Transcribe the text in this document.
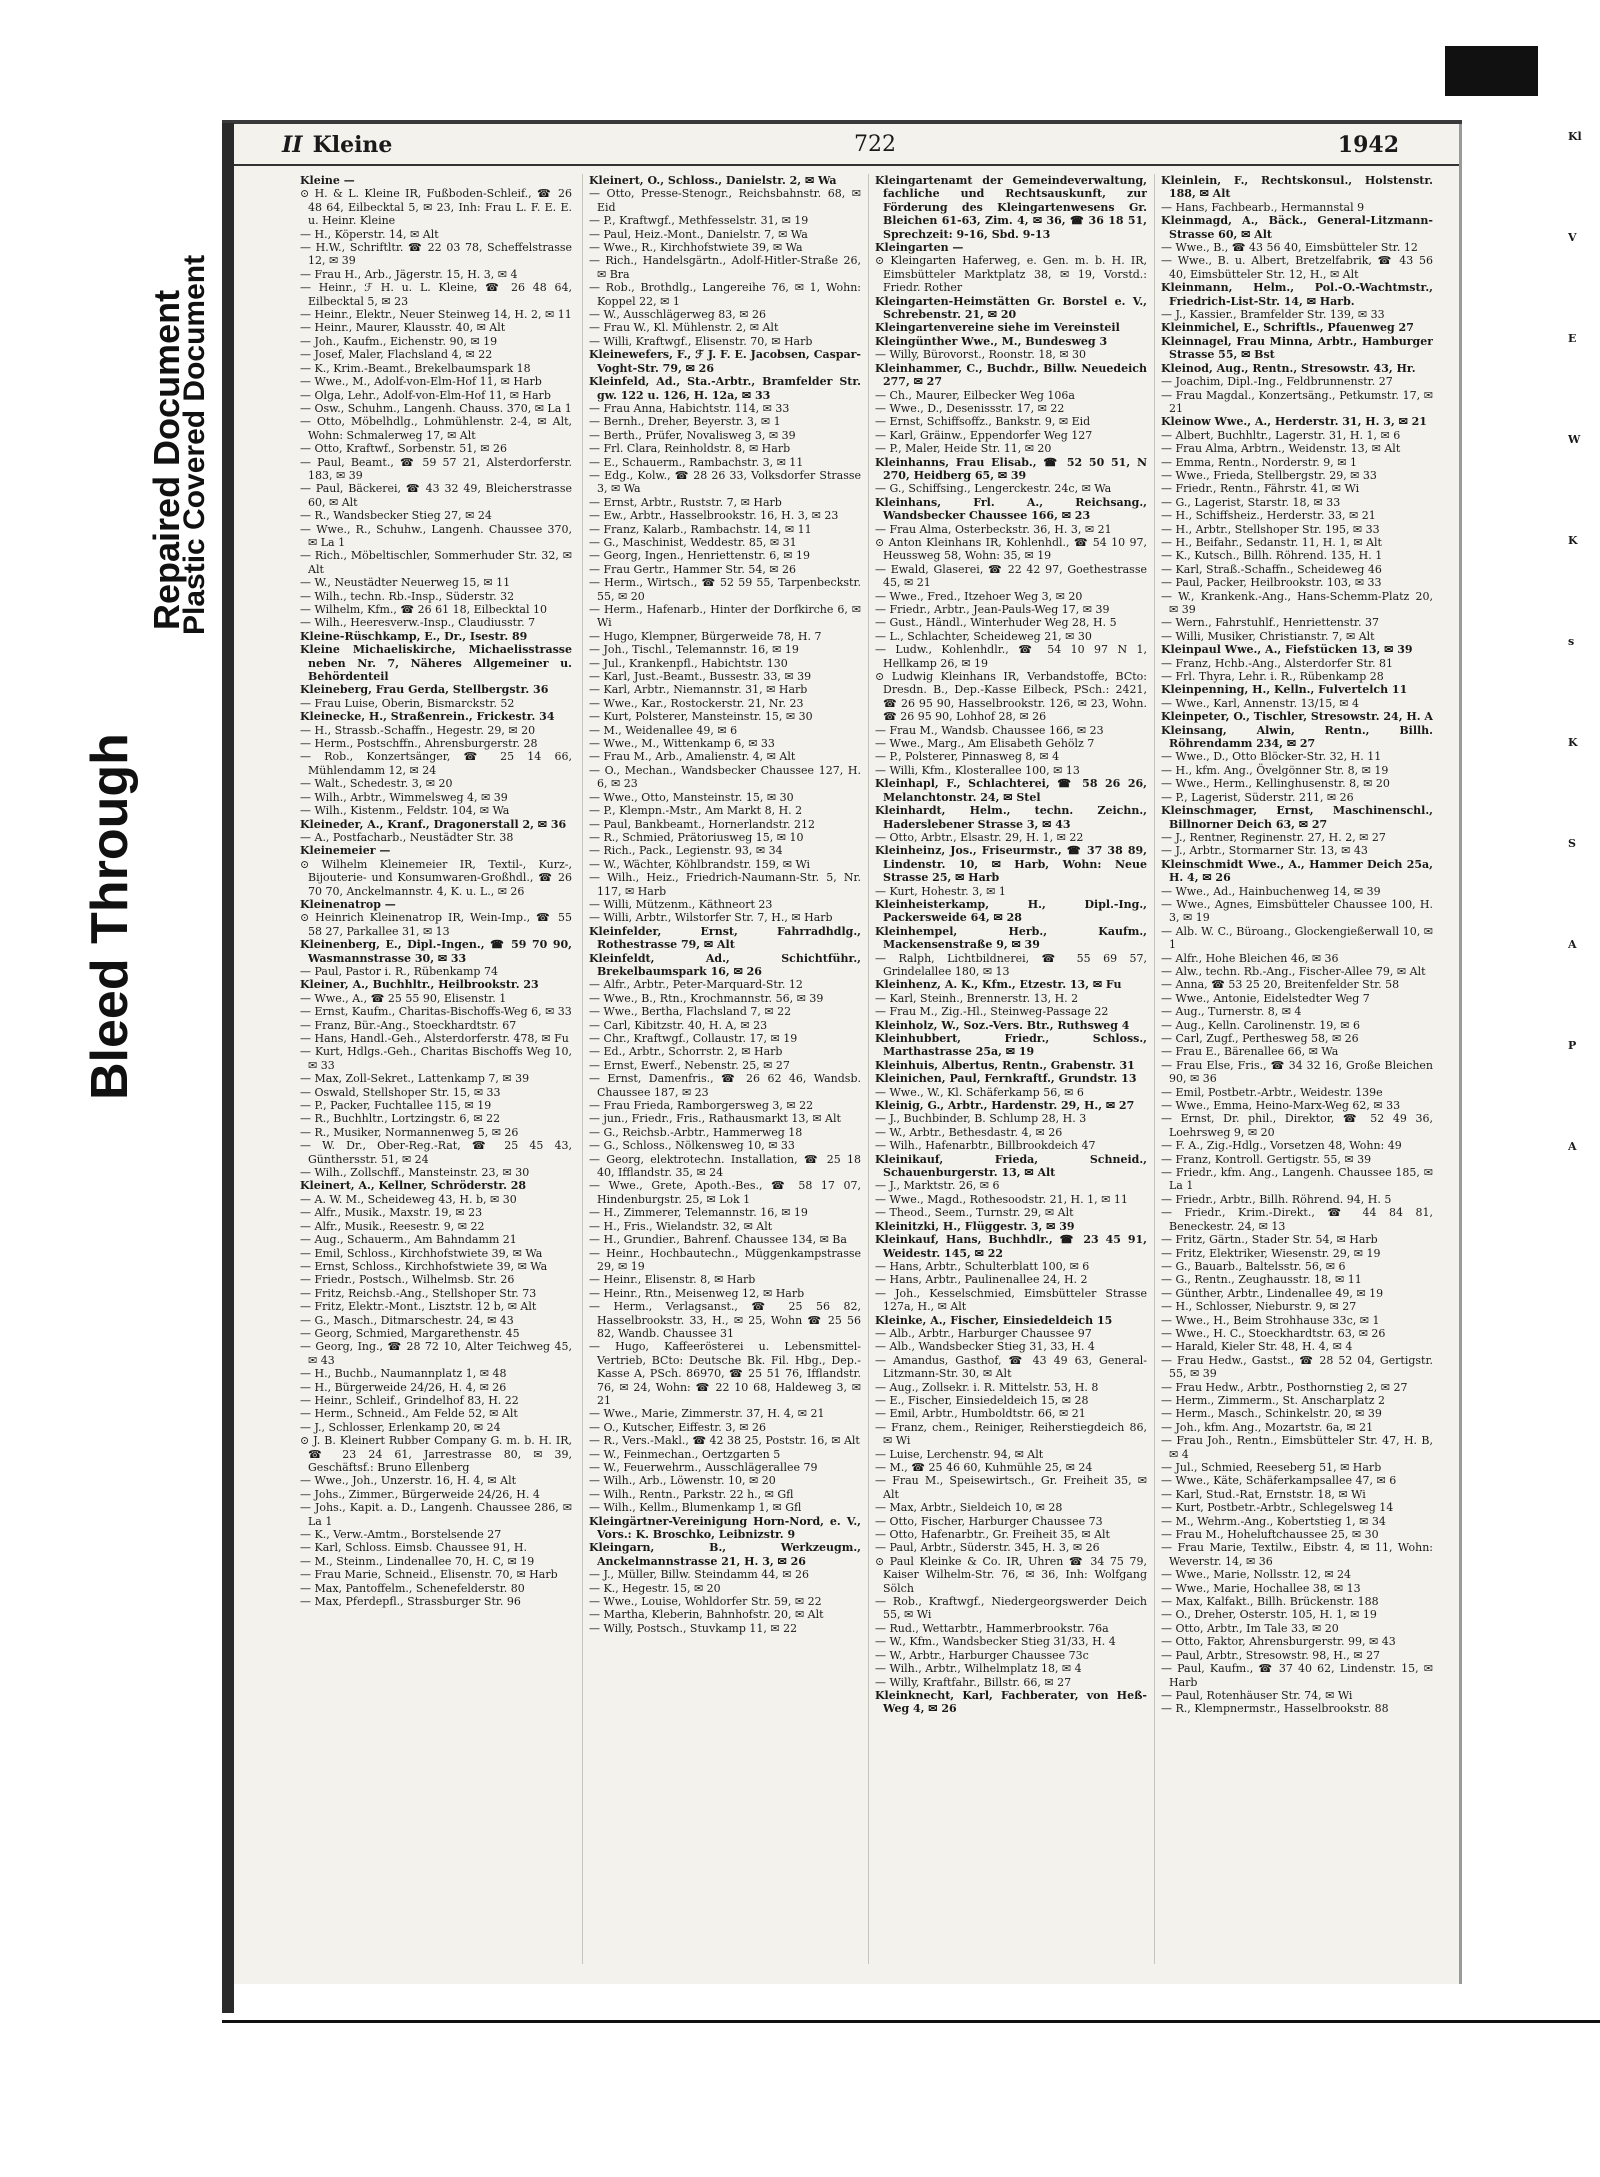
Bleed Through
Repaired Document
Plastic Covered Document
II Kleine	722	1942

Kleine —

⊙ H. & L. Kleine IR, Fußboden-Schleif., ☎ 26 48 64, Eilbecktal 5, ✉ 23, Inh: Frau L. F. E. E. u. Heinr. Kleine

— H., Köperstr. 14, ✉ Alt

— H.W., Schriftltr. ☎ 22 03 78, Scheffelstrasse 12, ✉ 39

— Frau H., Arb., Jägerstr. 15, H. 3, ✉ 4

— Heinr., ℱ H. u. L. Kleine, ☎ 26 48 64, Eilbecktal 5, ✉ 23

— Heinr., Elektr., Neuer Steinweg 14, H. 2, ✉ 11

— Heinr., Maurer, Klausstr. 40, ✉ Alt

— Joh., Kaufm., Eichenstr. 90, ✉ 19

— Josef, Maler, Flachsland 4, ✉ 22

— K., Krim.-Beamt., Brekelbaumspark 18

— Wwe., M., Adolf-von-Elm-Hof 11, ✉ Harb

— Olga, Lehr., Adolf-von-Elm-Hof 11, ✉ Harb

— Osw., Schuhm., Langenh. Chauss. 370, ✉ La 1

— Otto, Möbelhdlg., Lohmühlenstr. 2-4, ✉ Alt, Wohn: Schmalerweg 17, ✉ Alt

— Otto, Kraftwf., Sorbenstr. 51, ✉ 26

— Paul, Beamt., ☎ 59 57 21, Alsterdorferstr. 183, ✉ 39

— Paul, Bäckerei, ☎ 43 32 49, Bleicherstrasse 60, ✉ Alt

— R., Wandsbecker Stieg 27, ✉ 24

— Wwe., R., Schuhw., Langenh. Chaussee 370, ✉ La 1

— Rich., Möbeltischler, Sommerhuder Str. 32, ✉ Alt

— W., Neustädter Neuerweg 15, ✉ 11

— Wilh., techn. Rb.-Insp., Süderstr. 32

— Wilhelm, Kfm., ☎ 26 61 18, Eilbecktal 10

— Wilh., Heeresverw.-Insp., Claudiusstr. 7

Kleine-Rüschkamp, E., Dr., Isestr. 89

Kleine Michaeliskirche, Michaelisstrasse neben Nr. 7, Näheres Allgemeiner u. Behördenteil

Kleineberg, Frau Gerda, Stellbergstr. 36

— Frau Luise, Oberin, Bismarckstr. 52

Kleinecke, H., Straßenrein., Frickestr. 34

— H., Strassb.-Schaffn., Hegestr. 29, ✉ 20

— Herm., Postschffn., Ahrensburgerstr. 28

— Rob., Konzertsänger, ☎ 25 14 66, Mühlendamm 12, ✉ 24

— Walt., Schedestr. 3, ✉ 20

— Wilh., Arbtr., Wimmelsweg 4, ✉ 39

— Wilh., Kistenm., Feldstr. 104, ✉ Wa

Kleineder, A., Kranf., Dragonerstall 2, ✉ 36

— A., Postfacharb., Neustädter Str. 38

Kleinemeier —

⊙ Wilhelm Kleinemeier IR, Textil-, Kurz-, Bijouterie- und Konsumwaren-Großhdl., ☎ 26 70 70, Anckelmannstr. 4, K. u. L., ✉ 26

Kleinenatrop —

⊙ Heinrich Kleinenatrop IR, Wein-Imp., ☎ 55 58 27, Parkallee 31, ✉ 13

Kleinenberg, E., Dipl.-Ingen., ☎ 59 70 90, Wasmannstrasse 30, ✉ 33

— Paul, Pastor i. R., Rübenkamp 74

Kleiner, A., Buchhltr., Heilbrookstr. 23

— Wwe., A., ☎ 25 55 90, Elisenstr. 1

— Ernst, Kaufm., Charitas-Bischoffs-Weg 6, ✉ 33

— Franz, Bür.-Ang., Stoeckhardtstr. 67

— Hans, Handl.-Geh., Alsterdorferstr. 478, ✉ Fu

— Kurt, Hdlgs.-Geh., Charitas Bischoffs Weg 10, ✉ 33

— Max, Zoll-Sekret., Lattenkamp 7, ✉ 39

— Oswald, Stellshoper Str. 15, ✉ 33

— P., Packer, Fuchtallee 115, ✉ 19

— R., Buchhltr., Lortzingstr. 6, ✉ 22

— R., Musiker, Normannenweg 5, ✉ 26

— W. Dr., Ober-Reg.-Rat, ☎ 25 45 43, Günthersstr. 51, ✉ 24

— Wilh., Zollschff., Mansteinstr. 23, ✉ 30

Kleinert, A., Kellner, Schröderstr. 28

— A. W. M., Scheideweg 43, H. b, ✉ 30

— Alfr., Musik., Maxstr. 19, ✉ 23

— Alfr., Musik., Reesestr. 9, ✉ 22

— Aug., Schauerm., Am Bahndamm 21

— Emil, Schloss., Kirchhofstwiete 39, ✉ Wa

— Ernst, Schloss., Kirchhofstwiete 39, ✉ Wa

— Friedr., Postsch., Wilhelmsb. Str. 26

— Fritz, Reichsb.-Ang., Stellshoper Str. 73

— Fritz, Elektr.-Mont., Lisztstr. 12 b, ✉ Alt

— G., Masch., Ditmarschestr. 24, ✉ 43

— Georg, Schmied, Margarethenstr. 45

— Georg, Ing., ☎ 28 72 10, Alter Teichweg 45, ✉ 43

— H., Buchb., Naumannplatz 1, ✉ 48

— H., Bürgerweide 24/26, H. 4, ✉ 26

— Heinr., Schleif., Grindelhof 83, H. 22

— Herm., Schneid., Am Felde 52, ✉ Alt

— J., Schlosser, Erlenkamp 20, ✉ 24

⊙ J. B. Kleinert Rubber Company G. m. b. H. IR, ☎ 23 24 61, Jarrestrasse 80, ✉ 39, Geschäftsf.: Bruno Ellenberg

— Wwe., Joh., Unzerstr. 16, H. 4, ✉ Alt

— Johs., Zimmer., Bürgerweide 24/26, H. 4

— Johs., Kapit. a. D., Langenh. Chaussee 286, ✉ La 1

— K., Verw.-Amtm., Borstelsende 27

— Karl, Schloss. Eimsb. Chaussee 91, H.

— M., Steinm., Lindenallee 70, H. C, ✉ 19

— Frau Marie, Schneid., Elisenstr. 70, ✉ Harb

— Max, Pantoffelm., Schenefelderstr. 80

— Max, Pferdepfl., Strassburger Str. 96

Kleinert, O., Schloss., Danielstr. 2, ✉ Wa

— Otto, Presse-Stenogr., Reichsbahnstr. 68, ✉ Eid

— P., Kraftwgf., Methfesselstr. 31, ✉ 19

— Paul, Heiz.-Mont., Danielstr. 7, ✉ Wa

— Wwe., R., Kirchhofstwiete 39, ✉ Wa

— Rich., Handelsgärtn., Adolf-Hitler-Straße 26, ✉ Bra

— Rob., Brothdlg., Langereihe 76, ✉ 1, Wohn: Koppel 22, ✉ 1

— W., Ausschlägerweg 83, ✉ 26

— Frau W., Kl. Mühlenstr. 2, ✉ Alt

— Willi, Kraftwgf., Elisenstr. 70, ✉ Harb

Kleinewefers, F., ℱ J. F. E. Jacobsen, Caspar-Voght-Str. 79, ✉ 26

Kleinfeld, Ad., Sta.-Arbtr., Bramfelder Str. gw. 122 u. 126, H. 12a, ✉ 33

— Frau Anna, Habichtstr. 114, ✉ 33

— Bernh., Dreher, Beyerstr. 3, ✉ 1

— Berth., Prüfer, Novalisweg 3, ✉ 39

— Frl. Clara, Reinholdstr. 8, ✉ Harb

— E., Schauerm., Rambachstr. 3, ✉ 11

— Edg., Kolw., ☎ 28 26 33, Volksdorfer Strasse 3, ✉ Wa

— Ernst, Arbtr., Ruststr. 7, ✉ Harb

— Ew., Arbtr., Hasselbrookstr. 16, H. 3, ✉ 23

— Franz, Kalarb., Rambachstr. 14, ✉ 11

— G., Maschinist, Weddestr. 85, ✉ 31

— Georg, Ingen., Henriettenstr. 6, ✉ 19

— Frau Gertr., Hammer Str. 54, ✉ 26

— Herm., Wirtsch., ☎ 52 59 55, Tarpenbeckstr. 55, ✉ 20

— Herm., Hafenarb., Hinter der Dorfkirche 6, ✉ Wi

— Hugo, Klempner, Bürgerweide 78, H. 7

— Joh., Tischl., Telemannstr. 16, ✉ 19

— Jul., Krankenpfl., Habichtstr. 130

— Karl, Just.-Beamt., Bussestr. 33, ✉ 39

— Karl, Arbtr., Niemannstr. 31, ✉ Harb

— Wwe., Kar., Rostockerstr. 21, Nr. 23

— Kurt, Polsterer, Mansteinstr. 15, ✉ 30

— M., Weidenallee 49, ✉ 6

— Wwe., M., Wittenkamp 6, ✉ 33

— Frau M., Arb., Amalienstr. 4, ✉ Alt

— O., Mechan., Wandsbecker Chaussee 127, H. 6, ✉ 23

— Wwe., Otto, Mansteinstr. 15, ✉ 30

— P., Klempn.-Mstr., Am Markt 8, H. 2

— Paul, Bankbeamt., Hornerlandstr. 212

— R., Schmied, Prätoriusweg 15, ✉ 10

— Rich., Pack., Legienstr. 93, ✉ 34

— W., Wächter, Köhlbrandstr. 159, ✉ Wi

— Wilh., Heiz., Friedrich-Naumann-Str. 5, Nr. 117, ✉ Harb

— Willi, Mützenm., Käthneort 23

— Willi, Arbtr., Wilstorfer Str. 7, H., ✉ Harb

Kleinfelder, Ernst, Fahrradhdlg., Rothestrasse 79, ✉ Alt

Kleinfeldt, Ad., Schichtführ., Brekelbaumspark 16, ✉ 26

— Alfr., Arbtr., Peter-Marquard-Str. 12

— Wwe., B., Rtn., Krochmannstr. 56, ✉ 39

— Wwe., Bertha, Flachsland 7, ✉ 22

— Carl, Kibitzstr. 40, H. A, ✉ 23

— Chr., Kraftwgf., Collaustr. 17, ✉ 19

— Ed., Arbtr., Schorrstr. 2, ✉ Harb

— Ernst, Ewerf., Nebenstr. 25, ✉ 27

— Ernst, Damenfris., ☎ 26 62 46, Wandsb. Chaussee 187, ✉ 23

— Frau Frieda, Ramborgersweg 3, ✉ 22

— jun., Friedr., Fris., Rathausmarkt 13, ✉ Alt

— G., Reichsb.-Arbtr., Hammerweg 18

— G., Schloss., Nölkensweg 10, ✉ 33

— Georg, elektrotechn. Installation, ☎ 25 18 40, Ifflandstr. 35, ✉ 24

— Wwe., Grete, Apoth.-Bes., ☎ 58 17 07, Hindenburgstr. 25, ✉ Lok 1

— H., Zimmerer, Telemannstr. 16, ✉ 19

— H., Fris., Wielandstr. 32, ✉ Alt

— H., Grundier., Bahrenf. Chaussee 134, ✉ Ba

— Heinr., Hochbautechn., Müggenkampstrasse 29, ✉ 19

— Heinr., Elisenstr. 8, ✉ Harb

— Heinr., Rtn., Meisenweg 12, ✉ Harb

— Herm., Verlagsanst., ☎ 25 56 82, Hasselbrookstr. 33, H., ✉ 25, Wohn ☎ 25 56 82, Wandb. Chaussee 31

— Hugo, Kaffeerösterei u. Lebensmittel-Vertrieb, BCto: Deutsche Bk. Fil. Hbg., Dep.-Kasse A, PSch. 86970, ☎ 25 51 76, Ifflandstr. 76, ✉ 24, Wohn: ☎ 22 10 68, Haldeweg 3, ✉ 21

— Wwe., Marie, Zimmerstr. 37, H. 4, ✉ 21

— O., Kutscher, Eiffestr. 3, ✉ 26

— R., Vers.-Makl., ☎ 42 38 25, Poststr. 16, ✉ Alt

— W., Feinmechan., Oertzgarten 5

— W., Feuerwehrm., Ausschlägerallee 79

— Wilh., Arb., Löwenstr. 10, ✉ 20

— Wilh., Rentn., Parkstr. 22 h., ✉ Gfl

— Wilh., Kellm., Blumenkamp 1, ✉ Gfl

Kleingärtner-Vereinigung Horn-Nord, e. V., Vors.: K. Broschko, Leibnizstr. 9

Kleingarn, B., Werkzeugm., Anckelmannstrasse 21, H. 3, ✉ 26

— J., Müller, Billw. Steindamm 44, ✉ 26

— K., Hegestr. 15, ✉ 20

— Wwe., Louise, Wohldorfer Str. 59, ✉ 22

— Martha, Kleberin, Bahnhofstr. 20, ✉ Alt

— Willy, Postsch., Stuvkamp 11, ✉ 22

Kleingartenamt der Gemeindeverwaltung, fachliche und Rechtsauskunft, zur Förderung des Kleingartenwesens Gr. Bleichen 61-63, Zim. 4, ✉ 36, ☎ 36 18 51, Sprechzeit: 9-16, Sbd. 9-13

Kleingarten —

⊙ Kleingarten Haferweg, e. Gen. m. b. H. IR, Eimsbütteler Marktplatz 38, ✉ 19, Vorstd.: Friedr. Rother

Kleingarten-Heimstätten Gr. Borstel e. V., Schrebenstr. 21, ✉ 20

Kleingartenvereine siehe im Vereinsteil

Kleingünther Wwe., M., Bundesweg 3

— Willy, Bürovorst., Roonstr. 18, ✉ 30

Kleinhammer, C., Buchdr., Billw. Neuedeich 277, ✉ 27

— Ch., Maurer, Eilbecker Weg 106a

— Wwe., D., Desenissstr. 17, ✉ 22

— Ernst, Schiffsoffz., Bankstr. 9, ✉ Eid

— Karl, Gräinw., Eppendorfer Weg 127

— P., Maler, Heide Str. 11, ✉ 20

Kleinhanns, Frau Elisab., ☎ 52 50 51, N 270, Heidberg 65, ✉ 39

— G., Schiffsing., Lengerckestr. 24c, ✉ Wa

Kleinhans, Frl. A., Reichsang., Wandsbecker Chaussee 166, ✉ 23

— Frau Alma, Osterbeckstr. 36, H. 3, ✉ 21

⊙ Anton Kleinhans IR, Kohlenhdl., ☎ 54 10 97, Heussweg 58, Wohn: 35, ✉ 19

— Ewald, Glaserei, ☎ 22 42 97, Goethestrasse 45, ✉ 21

— Wwe., Fred., Itzehoer Weg 3, ✉ 20

— Friedr., Arbtr., Jean-Pauls-Weg 17, ✉ 39

— Gust., Händl., Winterhuder Weg 28, H. 5

— L., Schlachter, Scheideweg 21, ✉ 30

— Ludw., Kohlenhdlr., ☎ 54 10 97 N 1, Hellkamp 26, ✉ 19

⊙ Ludwig Kleinhans IR, Verbandstoffe, BCto: Dresdn. B., Dep.-Kasse Eilbeck, PSch.: 2421, ☎ 26 95 90, Hasselbrookstr. 126, ✉ 23, Wohn. ☎ 26 95 90, Lohhof 28, ✉ 26

— Frau M., Wandsb. Chaussee 166, ✉ 23

— Wwe., Marg., Am Elisabeth Gehölz 7

— P., Polsterer, Pinnasweg 8, ✉ 4

— Willi, Kfm., Klosterallee 100, ✉ 13

Kleinhapl, F., Schlachterei, ☎ 58 26 26, Melanchtonstr. 24, ✉ Stel

Kleinhardt, Helm., techn. Zeichn., Haderslebener Strasse 3, ✉ 43

— Otto, Arbtr., Elsastr. 29, H. 1, ✉ 22

Kleinheinz, Jos., Friseurmstr., ☎ 37 38 89, Lindenstr. 10, ✉ Harb, Wohn: Neue Strasse 25, ✉ Harb

— Kurt, Hohestr. 3, ✉ 1

Kleinheisterkamp, H., Dipl.-Ing., Packersweide 64, ✉ 28

Kleinhempel, Herb., Kaufm., Mackensenstraße 9, ✉ 39

— Ralph, Lichtbildnerei, ☎ 55 69 57, Grindelallee 180, ✉ 13

Kleinhenz, A. K., Kfm., Etzestr. 13, ✉ Fu

— Karl, Steinh., Brennerstr. 13, H. 2

— Frau M., Zig.-Hl., Steinweg-Passage 22

Kleinholz, W., Soz.-Vers. Btr., Ruthsweg 4

Kleinhubbert, Friedr., Schloss., Marthastrasse 25a, ✉ 19

Kleinhuis, Albertus, Rentn., Grabenstr. 31

Kleinichen, Paul, Fernkraftf., Grundstr. 13

— Wwe., W., Kl. Schäferkamp 56, ✉ 6

Kleinig, G., Arbtr., Hardenstr. 29, H., ✉ 27

— J., Buchbinder, B. Schlump 28, H. 3

— W., Arbtr., Bethesdastr. 4, ✉ 26

— Wilh., Hafenarbtr., Billbrookdeich 47

Kleinikauf, Frieda, Schneid., Schauenburgerstr. 13, ✉ Alt

— J., Marktstr. 26, ✉ 6

— Wwe., Magd., Rothesoodstr. 21, H. 1, ✉ 11

— Theod., Seem., Turnstr. 29, ✉ Alt

Kleinitzki, H., Flüggestr. 3, ✉ 39

Kleinkauf, Hans, Buchhdlr., ☎ 23 45 91, Weidestr. 145, ✉ 22

— Hans, Arbtr., Schulterblatt 100, ✉ 6

— Hans, Arbtr., Paulinenallee 24, H. 2

— Joh., Kesselschmied, Eimsbütteler Strasse 127a, H., ✉ Alt

Kleinke, A., Fischer, Einsiedeldeich 15

— Alb., Arbtr., Harburger Chaussee 97

— Alb., Wandsbecker Stieg 31, 33, H. 4

— Amandus, Gasthof, ☎ 43 49 63, General-Litzmann-Str. 30, ✉ Alt

— Aug., Zollsekr. i. R. Mittelstr. 53, H. 8

— E., Fischer, Einsiedeldeich 15, ✉ 28

— Emil, Arbtr., Humboldtstr. 66, ✉ 21

— Franz, chem., Reiniger, Reiherstiegdeich 86, ✉ Wi

— Luise, Lerchenstr. 94, ✉ Alt

— M., ☎ 25 46 60, Kuhmühle 25, ✉ 24

— Frau M., Speisewirtsch., Gr. Freiheit 35, ✉ Alt

— Max, Arbtr., Sieldeich 10, ✉ 28

— Otto, Fischer, Harburger Chaussee 73

— Otto, Hafenarbtr., Gr. Freiheit 35, ✉ Alt

— Paul, Arbtr., Süderstr. 345, H. 3, ✉ 26

⊙ Paul Kleinke & Co. IR, Uhren ☎ 34 75 79, Kaiser Wilhelm-Str. 76, ✉ 36, Inh: Wolfgang Sölch

— Rob., Kraftwgf., Niedergeorgswerder Deich 55, ✉ Wi

— Rud., Wettarbtr., Hammerbrookstr. 76a

— W., Kfm., Wandsbecker Stieg 31/33, H. 4

— W., Arbtr., Harburger Chaussee 73c

— Wilh., Arbtr., Wilhelmplatz 18, ✉ 4

— Willy, Kraftfahr., Billstr. 66, ✉ 27

Kleinknecht, Karl, Fachberater, von Heß-Weg 4, ✉ 26

Kleinlein, F., Rechtskonsul., Holstenstr. 188, ✉ Alt

— Hans, Fachbearb., Hermannstal 9

Kleinmagd, A., Bäck., General-Litzmann-Strasse 60, ✉ Alt

— Wwe., B., ☎ 43 56 40, Eimsbütteler Str. 12

— Wwe., B. u. Albert, Bretzelfabrik, ☎ 43 56 40, Eimsbütteler Str. 12, H., ✉ Alt

Kleinmann, Helm., Pol.-O.-Wachtmstr., Friedrich-List-Str. 14, ✉ Harb.

— J., Kassier., Bramfelder Str. 139, ✉ 33

Kleinmichel, E., Schriftls., Pfauenweg 27

Kleinnagel, Frau Minna, Arbtr., Hamburger Strasse 55, ✉ Bst

Kleinod, Aug., Rentn., Stresowstr. 43, Hr.

— Joachim, Dipl.-Ing., Feldbrunnenstr. 27

— Frau Magdal., Konzertsäng., Petkumstr. 17, ✉ 21

Kleinow Wwe., A., Herderstr. 31, H. 3, ✉ 21

— Albert, Buchhltr., Lagerstr. 31, H. 1, ✉ 6

— Frau Alma, Arbtrn., Weidenstr. 13, ✉ Alt

— Emma, Rentn., Norderstr. 9, ✉ 1

— Wwe., Frieda, Stellbergstr. 29, ✉ 33

— Friedr., Rentn., Fährstr. 41, ✉ Wi

— G., Lagerist, Starstr. 18, ✉ 33

— H., Schiffsheiz., Herderstr. 33, ✉ 21

— H., Arbtr., Stellshoper Str. 195, ✉ 33

— H., Beifahr., Sedanstr. 11, H. 1, ✉ Alt

— K., Kutsch., Billh. Röhrend. 135, H. 1

— Karl, Straß.-Schaffn., Scheideweg 46

— Paul, Packer, Heilbrookstr. 103, ✉ 33

— W., Krankenk.-Ang., Hans-Schemm-Platz 20, ✉ 39

— Wern., Fahrstuhlf., Henriettenstr. 37

— Willi, Musiker, Christianstr. 7, ✉ Alt

Kleinpaul Wwe., A., Fiefstücken 13, ✉ 39

— Franz, Hchb.-Ang., Alsterdorfer Str. 81

— Frl. Thyra, Lehr. i. R., Rübenkamp 28

Kleinpenning, H., Kelln., Fulvertelch 11

— Wwe., Karl, Annenstr. 13/15, ✉ 4

Kleinpeter, O., Tischler, Stresowstr. 24, H. A

Kleinsang, Alwin, Rentn., Billh. Röhrendamm 234, ✉ 27

— Wwe., D., Otto Blöcker-Str. 32, H. 11

— H., kfm. Ang., Övelgönner Str. 8, ✉ 19

— Wwe., Herm., Kellinghusenstr. 8, ✉ 20

— P., Lagerist, Süderstr. 211, ✉ 26

Kleinschmager, Ernst, Maschinenschl., Billnorner Deich 63, ✉ 27

— J., Rentner, Reginenstr. 27, H. 2, ✉ 27

— J., Arbtr., Stormarner Str. 13, ✉ 43

Kleinschmidt Wwe., A., Hammer Deich 25a, H. 4, ✉ 26

— Wwe., Ad., Hainbuchenweg 14, ✉ 39

— Wwe., Agnes, Eimsbütteler Chaussee 100, H. 3, ✉ 19

— Alb. W. C., Büroang., Glockengießerwall 10, ✉ 1

— Alfr., Hohe Bleichen 46, ✉ 36

— Alw., techn. Rb.-Ang., Fischer-Allee 79, ✉ Alt

— Anna, ☎ 53 25 20, Breitenfelder Str. 58

— Wwe., Antonie, Eidelstedter Weg 7

— Aug., Turnerstr. 8, ✉ 4

— Aug., Kelln. Carolinenstr. 19, ✉ 6

— Carl, Zugf., Perthesweg 58, ✉ 26

— Frau E., Bärenallee 66, ✉ Wa

— Frau Else, Fris., ☎ 34 32 16, Große Bleichen 90, ✉ 36

— Emil, Postbetr.-Arbtr., Weidestr. 139e

— Wwe., Emma, Heino-Marx-Weg 62, ✉ 33

— Ernst, Dr. phil., Direktor, ☎ 52 49 36, Loehrsweg 9, ✉ 20

— F. A., Zig.-Hdlg., Vorsetzen 48, Wohn: 49

— Franz, Kontroll. Gertigstr. 55, ✉ 39

— Friedr., kfm. Ang., Langenh. Chaussee 185, ✉ La 1

— Friedr., Arbtr., Billh. Röhrend. 94, H. 5

— Friedr., Krim.-Direkt., ☎ 44 84 81, Beneckestr. 24, ✉ 13

— Fritz, Gärtn., Stader Str. 54, ✉ Harb

— Fritz, Elektriker, Wiesenstr. 29, ✉ 19

— G., Bauarb., Baltelsstr. 56, ✉ 6

— G., Rentn., Zeughausstr. 18, ✉ 11

— Günther, Arbtr., Lindenallee 49, ✉ 19

— H., Schlosser, Nieburstr. 9, ✉ 27

— Wwe., H., Beim Strohhause 33c, ✉ 1

— Wwe., H. C., Stoeckhardtstr. 63, ✉ 26

— Harald, Kieler Str. 48, H. 4, ✉ 4

— Frau Hedw., Gastst., ☎ 28 52 04, Gertigstr. 55, ✉ 39

— Frau Hedw., Arbtr., Posthornstieg 2, ✉ 27

— Herm., Zimmerm., St. Anscharplatz 2

— Herm., Masch., Schinkelstr. 20, ✉ 39

— Joh., kfm. Ang., Mozartstr. 6a, ✉ 21

— Frau Joh., Rentn., Eimsbütteler Str. 47, H. B, ✉ 4

— Jul., Schmied, Reeseberg 51, ✉ Harb

— Wwe., Käte, Schäferkampsallee 47, ✉ 6

— Karl, Stud.-Rat, Ernststr. 18, ✉ Wi

— Kurt, Postbetr.-Arbtr., Schlegelsweg 14

— M., Wehrm.-Ang., Kobertstieg 1, ✉ 34

— Frau M., Hoheluftchaussee 25, ✉ 30

— Frau Marie, Textilw., Eibstr. 4, ✉ 11, Wohn: Weverstr. 14, ✉ 36

— Wwe., Marie, Nollsstr. 12, ✉ 24

— Wwe., Marie, Hochallee 38, ✉ 13

— Max, Kalfakt., Billh. Brückenstr. 188

— O., Dreher, Osterstr. 105, H. 1, ✉ 19

— Otto, Arbtr., Im Tale 33, ✉ 20

— Otto, Faktor, Ahrensburgerstr. 99, ✉ 43

— Paul, Arbtr., Stresowstr. 98, H., ✉ 27

— Paul, Kaufm., ☎ 37 40 62, Lindenstr. 15, ✉ Harb

— Paul, Rotenhäuser Str. 74, ✉ Wi

— R., Klempnermstr., Hasselbrookstr. 88

Kl
V
E
W
K
s
K
S
A
P
A
